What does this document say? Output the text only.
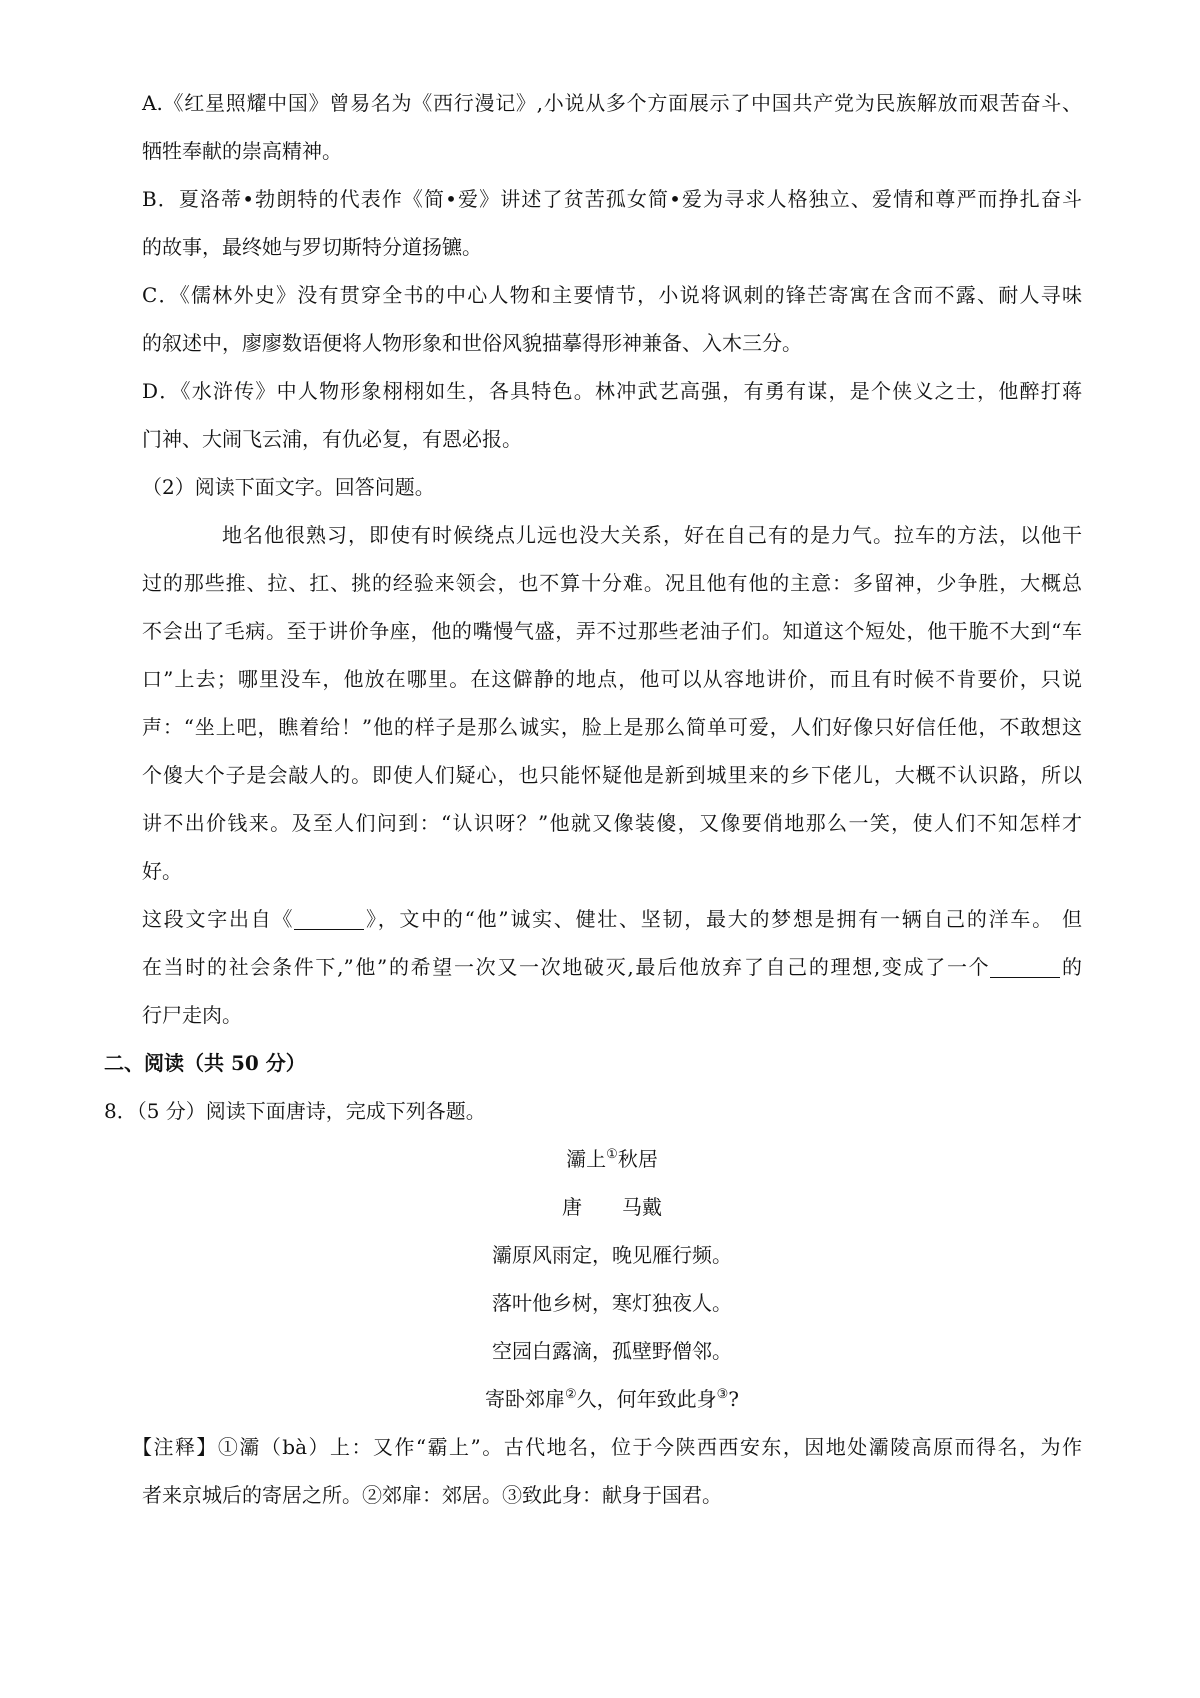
A.《红星照耀中国》曾易名为《西行漫记》,小说从多个方面展示了中国共产党为民族解放而艰苦奋斗、

牺牲奉献的崇高精神。

B．夏洛蒂•勃朗特的代表作《简•爱》讲述了贫苦孤女简•爱为寻求人格独立、爱情和尊严而挣扎奋斗

的故事，最终她与罗切斯特分道扬镳。

C．《儒林外史》没有贯穿全书的中心人物和主要情节，小说将讽刺的锋芒寄寓在含而不露、耐人寻味

的叙述中，廖廖数语便将人物形象和世俗风貌描摹得形神兼备、入木三分。

D．《水浒传》中人物形象栩栩如生，各具特色。林冲武艺高强，有勇有谋，是个侠义之士，他醉打蒋

门神、大闹飞云浦，有仇必复，有恩必报。

（2）阅读下面文字。回答问题。

地名他很熟习，即使有时候绕点儿远也没大关系，好在自己有的是力气。拉车的方法，以他干

过的那些推、拉、扛、挑的经验来领会，也不算十分难。况且他有他的主意：多留神，少争胜，大概总

不会出了毛病。至于讲价争座，他的嘴慢气盛，弄不过那些老油子们。知道这个短处，他干脆不大到“车

口”上去；哪里没车，他放在哪里。在这僻静的地点，他可以从容地讲价，而且有时候不肯要价，只说

声：“坐上吧，瞧着给！”他的样子是那么诚实，脸上是那么简单可爱，人们好像只好信任他，不敢想这

个傻大个子是会敲人的。即使人们疑心，也只能怀疑他是新到城里来的乡下佬儿，大概不认识路，所以

讲不出价钱来。及至人们问到：“认识呀？”他就又像装傻，又像要俏地那么一笑，使人们不知怎样才

好。

这段文字出自《	》，文中的“他”诚实、健壮、坚韧，最大的梦想是拥有一辆自己的洋车。 但

在当时的社会条件下,”他”的希望一次又一次地破灭,最后他放弃了自己的理想,变成了一个	的

行尸走肉。

二、阅读（共 50 分）

8．（5 分）阅读下面唐诗，完成下列各题。

灞上①秋居

唐　　马戴

灞原风雨定，晚见雁行频。

落叶他乡树，寒灯独夜人。

空园白露滴，孤壁野僧邻。

寄卧郊扉②久，何年致此身③?

【注释】①灞（bà）上：又作“霸上”。古代地名，位于今陕西西安东，因地处灞陵高原而得名，为作

者来京城后的寄居之所。②郊扉：郊居。③致此身：献身于国君。
